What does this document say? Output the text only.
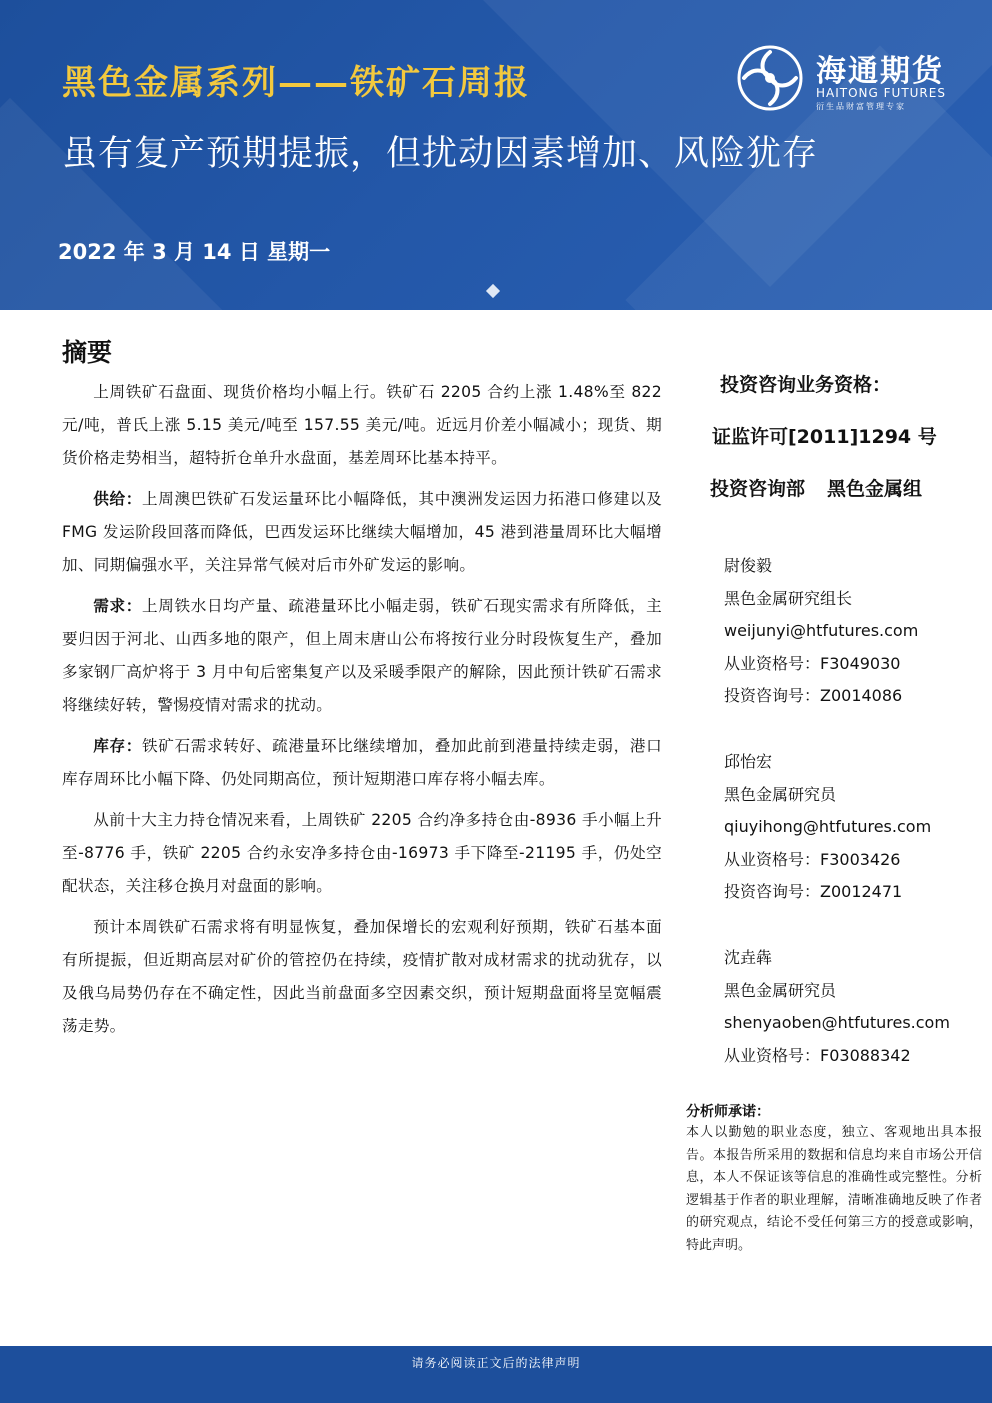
黑色金属系列——铁矿石周报
虽有复产预期提振，但扰动因素增加、风险犹存
2022 年 3 月 14 日 星期一
海通期货
HAITONG FUTURES
衍生品财富管理专家
摘要

上周铁矿石盘面、现货价格均小幅上行。铁矿石 2205 合约上涨 1.48%至 822 元/吨，普氏上涨 5.15 美元/吨至 157.55 美元/吨。近远月价差小幅减小；现货、期货价格走势相当，超特折仓单升水盘面，基差周环比基本持平。

供给：上周澳巴铁矿石发运量环比小幅降低，其中澳洲发运因力拓港口修建以及 FMG 发运阶段回落而降低，巴西发运环比继续大幅增加，45 港到港量周环比大幅增加、同期偏强水平，关注异常气候对后市外矿发运的影响。

需求：上周铁水日均产量、疏港量环比小幅走弱，铁矿石现实需求有所降低，主要归因于河北、山西多地的限产，但上周末唐山公布将按行业分时段恢复生产，叠加多家钢厂高炉将于 3 月中旬后密集复产以及采暖季限产的解除，因此预计铁矿石需求将继续好转，警惕疫情对需求的扰动。

库存：铁矿石需求转好、疏港量环比继续增加，叠加此前到港量持续走弱，港口库存周环比小幅下降、仍处同期高位，预计短期港口库存将小幅去库。

从前十大主力持仓情况来看，上周铁矿 2205 合约净多持仓由-8936 手小幅上升至-8776 手，铁矿 2205 合约永安净多持仓由-16973 手下降至-21195 手，仍处空配状态，关注移仓换月对盘面的影响。

预计本周铁矿石需求将有明显恢复，叠加保增长的宏观利好预期，铁矿石基本面有所提振，但近期高层对矿价的管控仍在持续，疫情扩散对成材需求的扰动犹存，以及俄乌局势仍存在不确定性，因此当前盘面多空因素交织，预计短期盘面将呈宽幅震荡走势。

投资咨询业务资格：
证监许可[2011]1294 号
投资咨询部 黑色金属组
尉俊毅
黑色金属研究组长
weijunyi@htfutures.com
从业资格号：F3049030
投资咨询号：Z0014086
邱怡宏
黑色金属研究员
qiuyihong@htfutures.com
从业资格号：F3003426
投资咨询号：Z0012471
沈垚犇
黑色金属研究员
shenyaoben@htfutures.com
从业资格号：F03088342
分析师承诺：
本人以勤勉的职业态度，独立、客观地出具本报告。本报告所采用的数据和信息均来自市场公开信息，本人不保证该等信息的准确性或完整性。分析逻辑基于作者的职业理解，清晰准确地反映了作者的研究观点，结论不受任何第三方的授意或影响，特此声明。
请务必阅读正文后的法律声明
